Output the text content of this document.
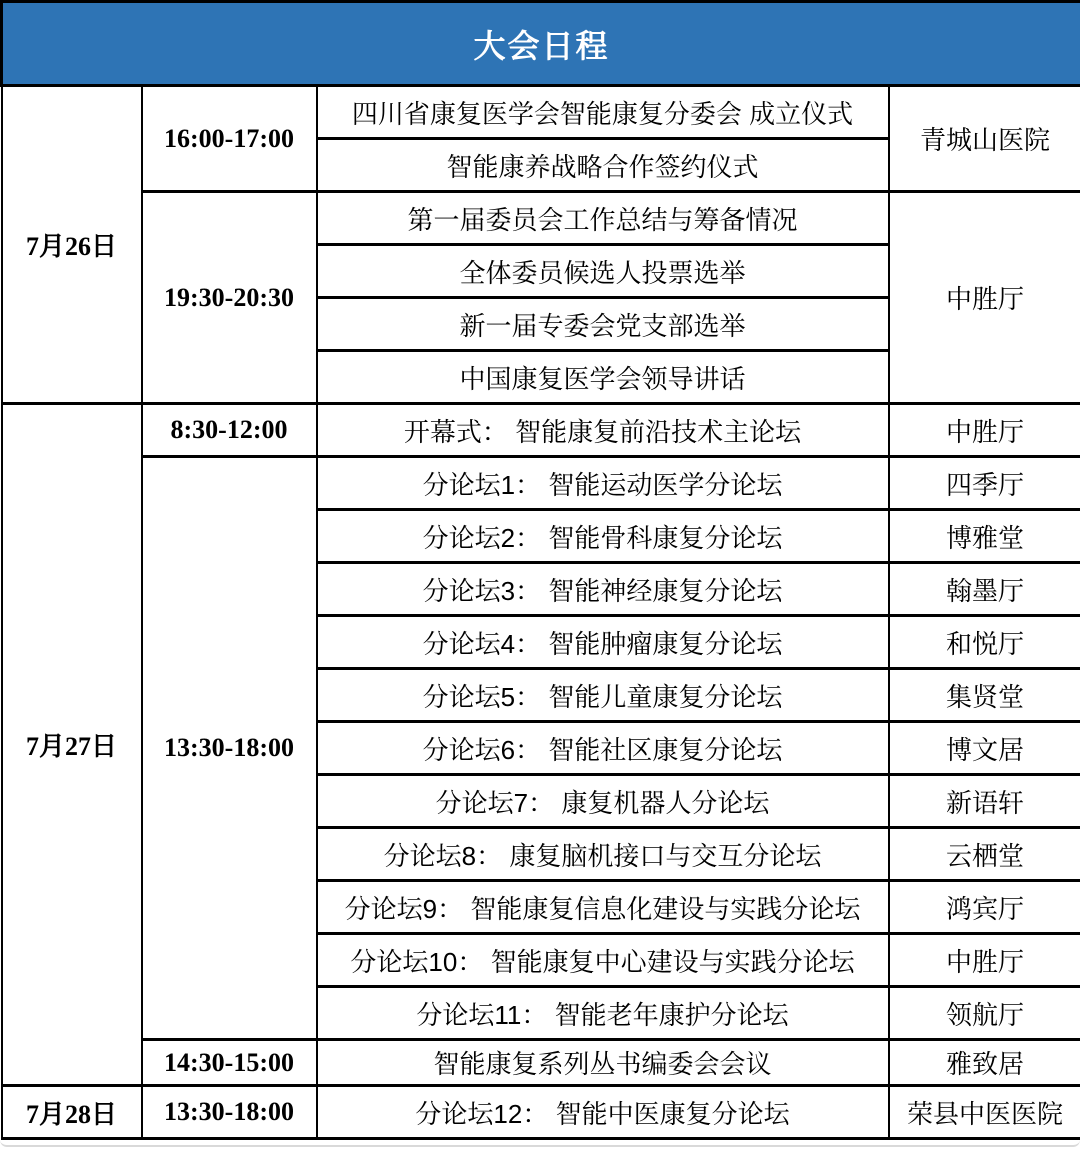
大会日程			
7月26日	16:00-17:00	四川省康复医学会智能康复分委会 成立仪式	青城山医院
		智能康养战略合作签约仪式	
	19:30-20:30	第一届委员会工作总结与筹备情况	中胜厅
		全体委员候选人投票选举	
		新一届专委会党支部选举	
		中国康复医学会领导讲话	
7月27日	8:30-12:00	开幕式： 智能康复前沿技术主论坛	中胜厅
	13:30-18:00	分论坛1： 智能运动医学分论坛	四季厅
		分论坛2： 智能骨科康复分论坛	博雅堂
		分论坛3： 智能神经康复分论坛	翰墨厅
		分论坛4： 智能肿瘤康复分论坛	和悦厅
		分论坛5： 智能儿童康复分论坛	集贤堂
		分论坛6： 智能社区康复分论坛	博文居
		分论坛7： 康复机器人分论坛	新语轩
		分论坛8： 康复脑机接口与交互分论坛	云栖堂
		分论坛9： 智能康复信息化建设与实践分论坛	鸿宾厅
		分论坛10： 智能康复中心建设与实践分论坛	中胜厅
		分论坛11： 智能老年康护分论坛	领航厅
	14:30-15:00	智能康复系列丛书编委会会议	雅致居
7月28日	13:30-18:00	分论坛12： 智能中医康复分论坛	荣县中医医院
